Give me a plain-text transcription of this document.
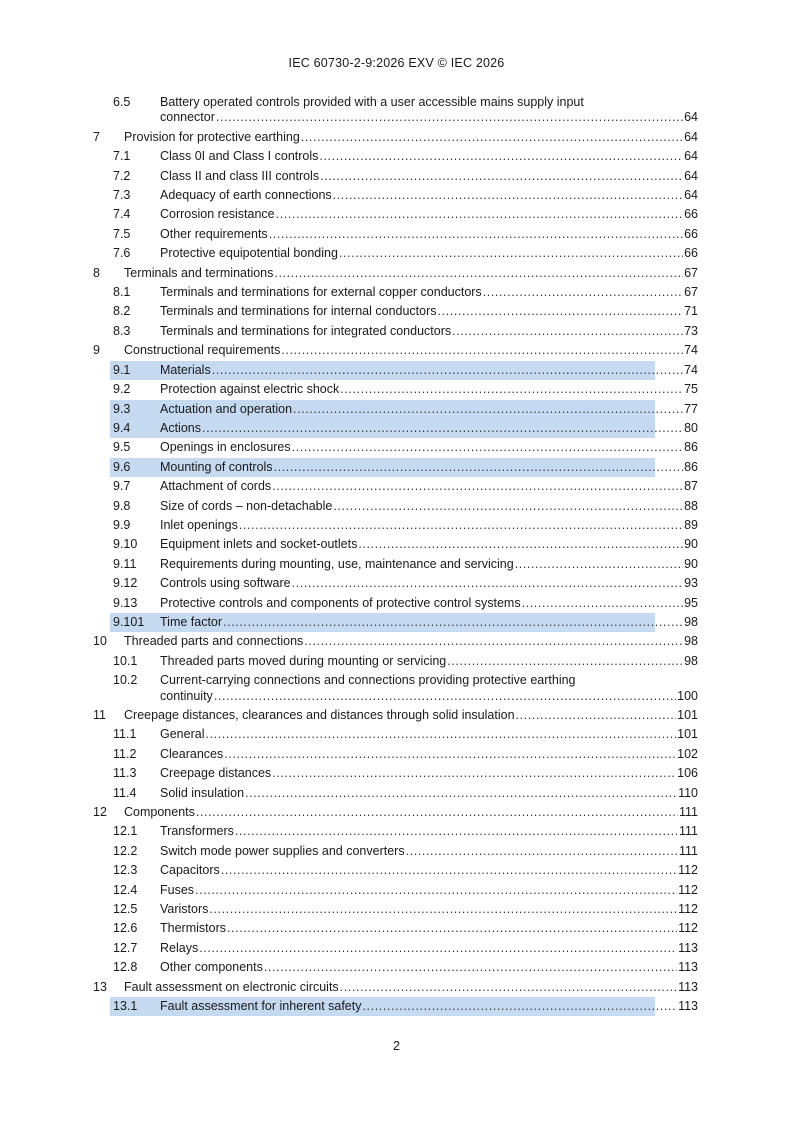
IEC 60730-2-9:2026 EXV © IEC 2026
6.5 Battery operated controls provided with a user accessible mains supply input
connector .....	64
7 Provision for protective earthing .....	64
7.1 Class 0I and Class I controls .....	64
7.2 Class II and class III controls .....	64
7.3 Adequacy of earth connections .....	64
7.4 Corrosion resistance .....	66
7.5 Other requirements .....	66
7.6 Protective equipotential bonding .....	66
8 Terminals and terminations .....	67
8.1 Terminals and terminations for external copper conductors .....	67
8.2 Terminals and terminations for internal conductors .....	71
8.3 Terminals and terminations for integrated conductors .....	73
9 Constructional requirements .....	74
9.1 Materials .....	74
9.2 Protection against electric shock .....	75
9.3 Actuation and operation .....	77
9.4 Actions .....	80
9.5 Openings in enclosures .....	86
9.6 Mounting of controls .....	86
9.7 Attachment of cords .....	87
9.8 Size of cords – non-detachable .....	88
9.9 Inlet openings .....	89
9.10 Equipment inlets and socket-outlets .....	90
9.11 Requirements during mounting, use, maintenance and servicing .....	90
9.12 Controls using software .....	93
9.13 Protective controls and components of protective control systems .....	95
9.101 Time factor .....	98
10 Threaded parts and connections .....	98
10.1 Threaded parts moved during mounting or servicing .....	98
10.2 Current-carrying connections and connections providing protective earthing
continuity .....	100
11 Creepage distances, clearances and distances through solid insulation .....	101
11.1 General .....	101
11.2 Clearances .....	102
11.3 Creepage distances .....	106
11.4 Solid insulation .....	110
12 Components .....	111
12.1 Transformers .....	111
12.2 Switch mode power supplies and converters .....	111
12.3 Capacitors .....	112
12.4 Fuses .....	112
12.5 Varistors .....	112
12.6 Thermistors .....	112
12.7 Relays .....	113
12.8 Other components .....	113
13 Fault assessment on electronic circuits .....	113
13.1 Fault assessment for inherent safety .....	113
2
